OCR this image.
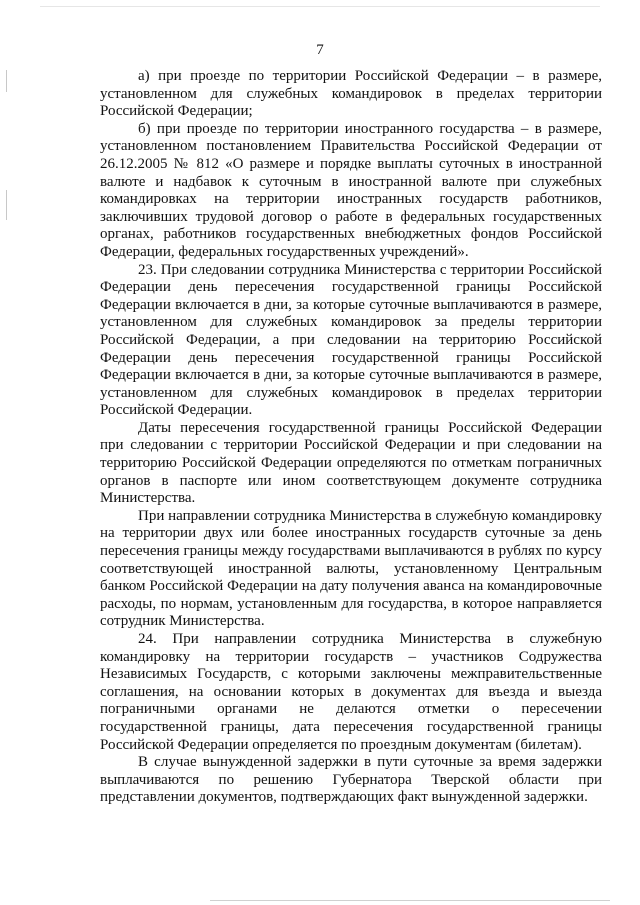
7

а) при проезде по территории Российской Федерации – в размере, установленном для служебных командировок в пределах территории Российской Федерации;

б) при проезде по территории иностранного государства – в размере, установленном постановлением Правительства Российской Федерации от 26.12.2005 № 812 «О размере и порядке выплаты суточных в иностранной валюте и надбавок к суточным в иностранной валюте при служебных командировках на территории иностранных государств работников, заключивших трудовой договор о работе в федеральных государственных органах, работников государственных внебюджетных фондов Российской Федерации, федеральных государственных учреждений».

23. При следовании сотрудника Министерства с территории Российской Федерации день пересечения государственной границы Российской Федерации включается в дни, за которые суточные выплачиваются в размере, установленном для служебных командировок за пределы территории Российской Федерации, а при следовании на территорию Российской Федерации день пересечения государственной границы Российской Федерации включается в дни, за которые суточные выплачиваются в размере, установленном для служебных командировок в пределах территории Российской Федерации.

Даты пересечения государственной границы Российской Федерации при следовании с территории Российской Федерации и при следовании на территорию Российской Федерации определяются по отметкам пограничных органов в паспорте или ином соответствующем документе сотрудника Министерства.

При направлении сотрудника Министерства в служебную командировку на территории двух или более иностранных государств суточные за день пересечения границы между государствами выплачиваются в рублях по курсу соответствующей иностранной валюты, установленному Центральным банком Российской Федерации на дату получения аванса на командировочные расходы, по нормам, установленным для государства, в которое направляется сотрудник Министерства.

24. При направлении сотрудника Министерства в служебную командировку на территории государств – участников Содружества Независимых Государств, с которыми заключены межправительственные соглашения, на основании которых в документах для въезда и выезда пограничными органами не делаются отметки о пересечении государственной границы, дата пересечения государственной границы Российской Федерации определяется по проездным документам (билетам).

В случае вынужденной задержки в пути суточные за время задержки выплачиваются по решению Губернатора Тверской области при представлении документов, подтверждающих факт вынужденной задержки.
